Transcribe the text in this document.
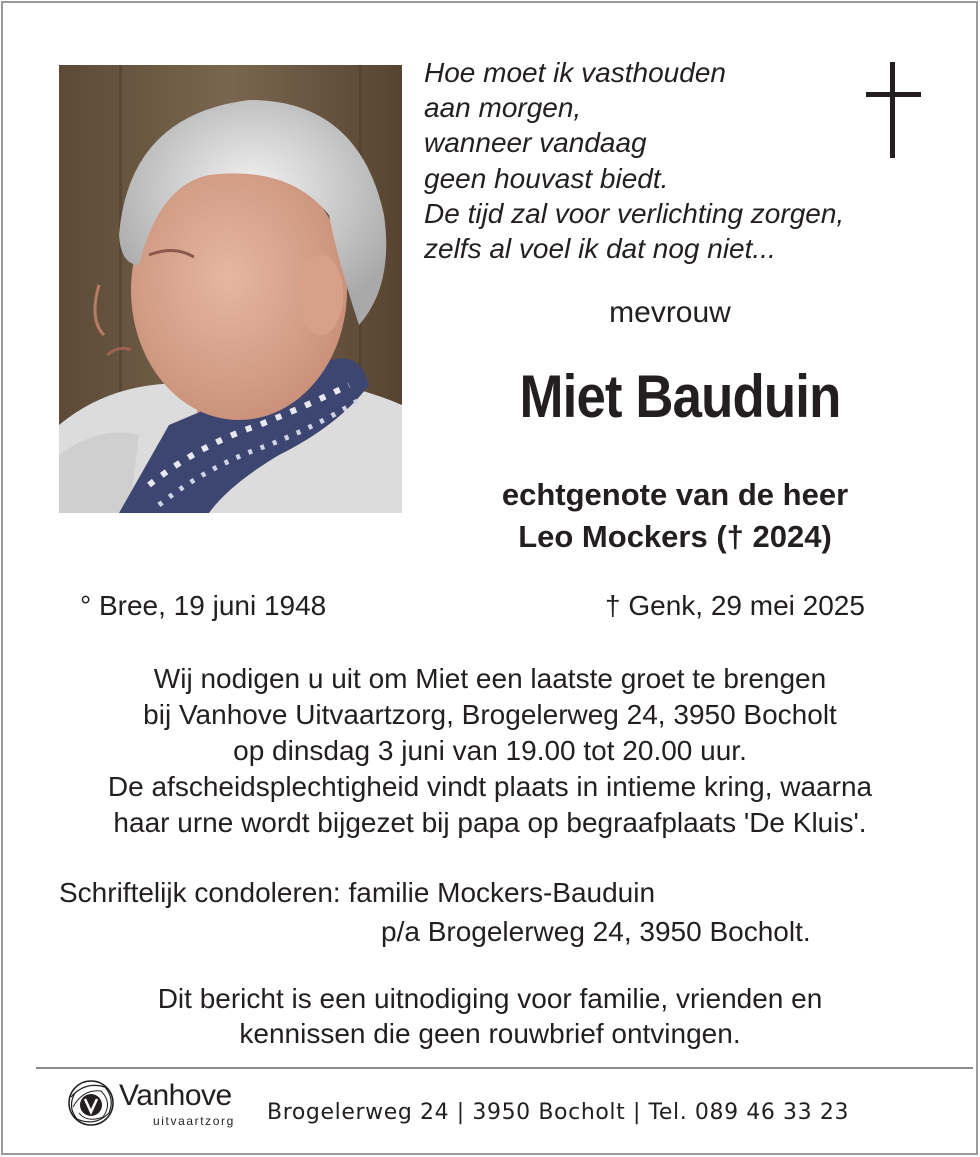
Hoe moet ik vasthouden
aan morgen,
wanneer vandaag
geen houvast biedt.
De tijd zal voor verlichting zorgen,
zelfs al voel ik dat nog niet...
mevrouw
Miet Bauduin
echtgenote van de heer
Leo Mockers († 2024)
° Bree, 19 juni 1948	† Genk, 29 mei 2025
Wij nodigen u uit om Miet een laatste groet te brengen
bij Vanhove Uitvaartzorg, Brogelerweg 24, 3950 Bocholt
op dinsdag 3 juni van 19.00 tot 20.00 uur.
De afscheidsplechtigheid vindt plaats in intieme kring, waarna
haar urne wordt bijgezet bij papa op begraafplaats 'De Kluis'.
Schriftelijk condoleren: familie Mockers-Bauduin
p/a Brogelerweg 24, 3950 Bocholt.
Dit bericht is een uitnodiging voor familie, vrienden en
kennissen die geen rouwbrief ontvingen.
Vanhove
uitvaartzorg Brogelerweg 24 | 3950 Bocholt | Tel. 089 46 33 23
